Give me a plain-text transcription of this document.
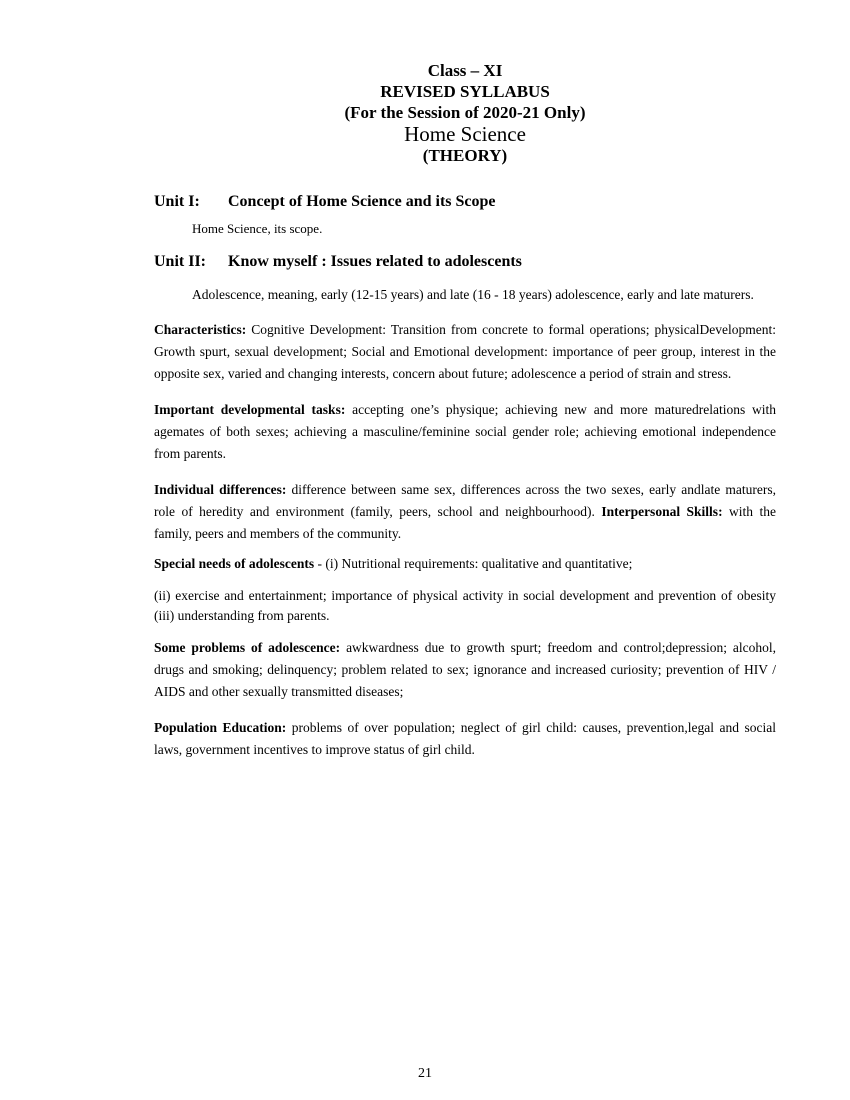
Class – XI
REVISED SYLLABUS
(For the Session of 2020-21 Only)
Home Science
(THEORY)
Unit I:	Concept of Home Science and its Scope
Home Science, its scope.
Unit II:	Know myself : Issues related to adolescents

Adolescence, meaning, early (12-15 years) and late (16 - 18 years) adolescence, early and late maturers.

Characteristics: Cognitive Development: Transition from concrete to formal operations; physicalDevelopment: Growth spurt, sexual development; Social and Emotional development: importance of peer group, interest in the opposite sex, varied and changing interests, concern about future; adolescence a period of strain and stress.

Important developmental tasks: accepting one’s physique; achieving new and more maturedrelations with agemates of both sexes; achieving a masculine/feminine social gender role; achieving emotional independence from parents.

Individual differences: difference between same sex, differences across the two sexes, early andlate maturers, role of heredity and environment (family, peers, school and neighbourhood). Interpersonal Skills: with the family, peers and members of the community.

Special needs of adolescents - (i) Nutritional requirements: qualitative and quantitative;

(ii) exercise and entertainment; importance of physical activity in social development and prevention of obesity (iii) understanding from parents.

Some problems of adolescence: awkwardness due to growth spurt; freedom and control;depression; alcohol, drugs and smoking; delinquency; problem related to sex; ignorance and increased curiosity; prevention of HIV / AIDS and other sexually transmitted diseases;

Population Education: problems of over population; neglect of girl child: causes, prevention,legal and social laws, government incentives to improve status of girl child.

21
